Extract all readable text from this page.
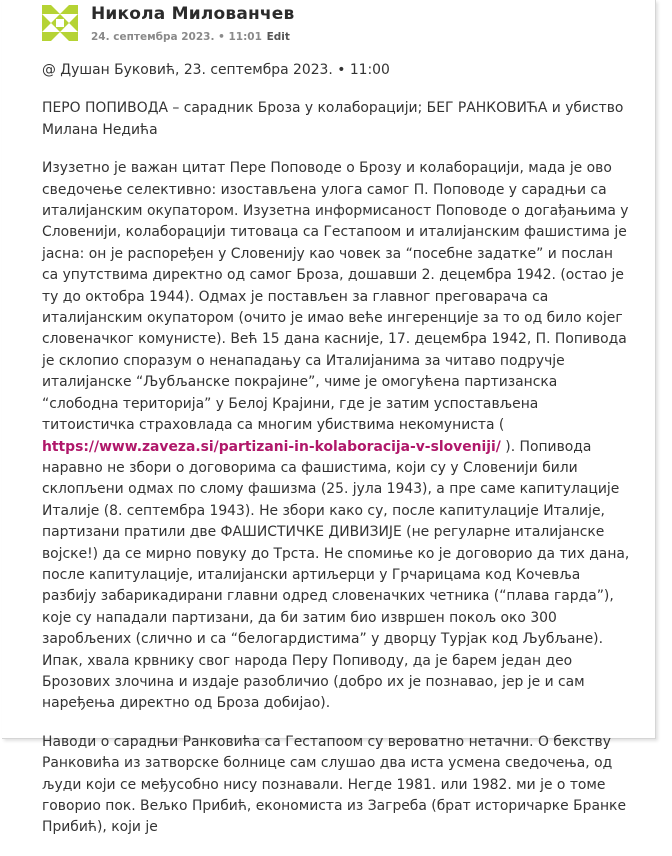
Никола Милованчев
24. септембра 2023. • 11:01 Edit

@ Душан Буковић, 23. септембра 2023. • 11:00

ПЕРО ПОПИВОДА – сарадник Броза у колаборацији; БЕГ РАНКОВИЋА и убиство Милана Недића

Изузетно је важан цитат Пере Поповоде о Брозу и колаборацији, мада је ово сведочење селективно: изостављена улога самог П. Поповоде у сарадњи са италијанским окупатором. Изузетна информисаност Поповоде о догађањима у Словенији, колаборацији титоваца са Гестапоом и италијанским фашистима је јасна: он је распоређен у Словенију као човек за “посебне задатке” и послан са упутствима директно од самог Броза, дошавши 2. децембра 1942. (остао је ту до октобра 1944). Одмах је постављен за главног преговарача са италијанским окупатором (очито је имао веће ингеренције за то од било којег словеначког комунисте). Већ 15 дана касније, 17. децембра 1942, П. Попивода је склопио споразум о ненападању са Италијанима за читаво подручје италијанске “Љубљанске покрајине”, чиме је омогућена партизанска “слободна територија” у Белој Крајини, где је затим успостављена титоистичка страховлада са многим убиствима некомуниста ( https://www.zaveza.si/partizani-in-kolaboracija-v-sloveniji/ ). Попивода наравно не збори о договорима са фашистима, који су у Словенији били склопљени одмах по слому фашизма (25. јула 1943), а пре саме капитулације Италије (8. септембра 1943). Не збори како су, после капитулације Италије, партизани пратили две ФАШИСТИЧКЕ ДИВИЗИЈЕ (не регуларне италијанске војске!) да се мирно повуку до Трста. Не спомиње ко је договорио да тих дана, после капитулације, италијански артиљерци у Грчарицама код Кочевља разбију забарикадирани главни одред словеначких четника (“плава гарда”), које су нападали партизани, да би затим био извршен покољ око 300 заробљених (слично и са “белогардистима” у дворцу Турјак код Љубљане). Ипак, хвала крвнику свог народа Перу Попиводу, да је барем један део Брозових злочина и издаје разобличио (добро их је познавао, јер је и сам наређења директно од Броза добијао).

Наводи о сарадњи Ранковића са Гестапоом су вероватно нетачни. О бекству Ранковића из затворске болнице сам слушао два иста усмена сведочења, од људи који се међусобно нису познавали. Негде 1981. или 1982. ми је о томе говорио пок. Вељко Прибић, економиста из Загреба (брат историчарке Бранке Прибић), који је
